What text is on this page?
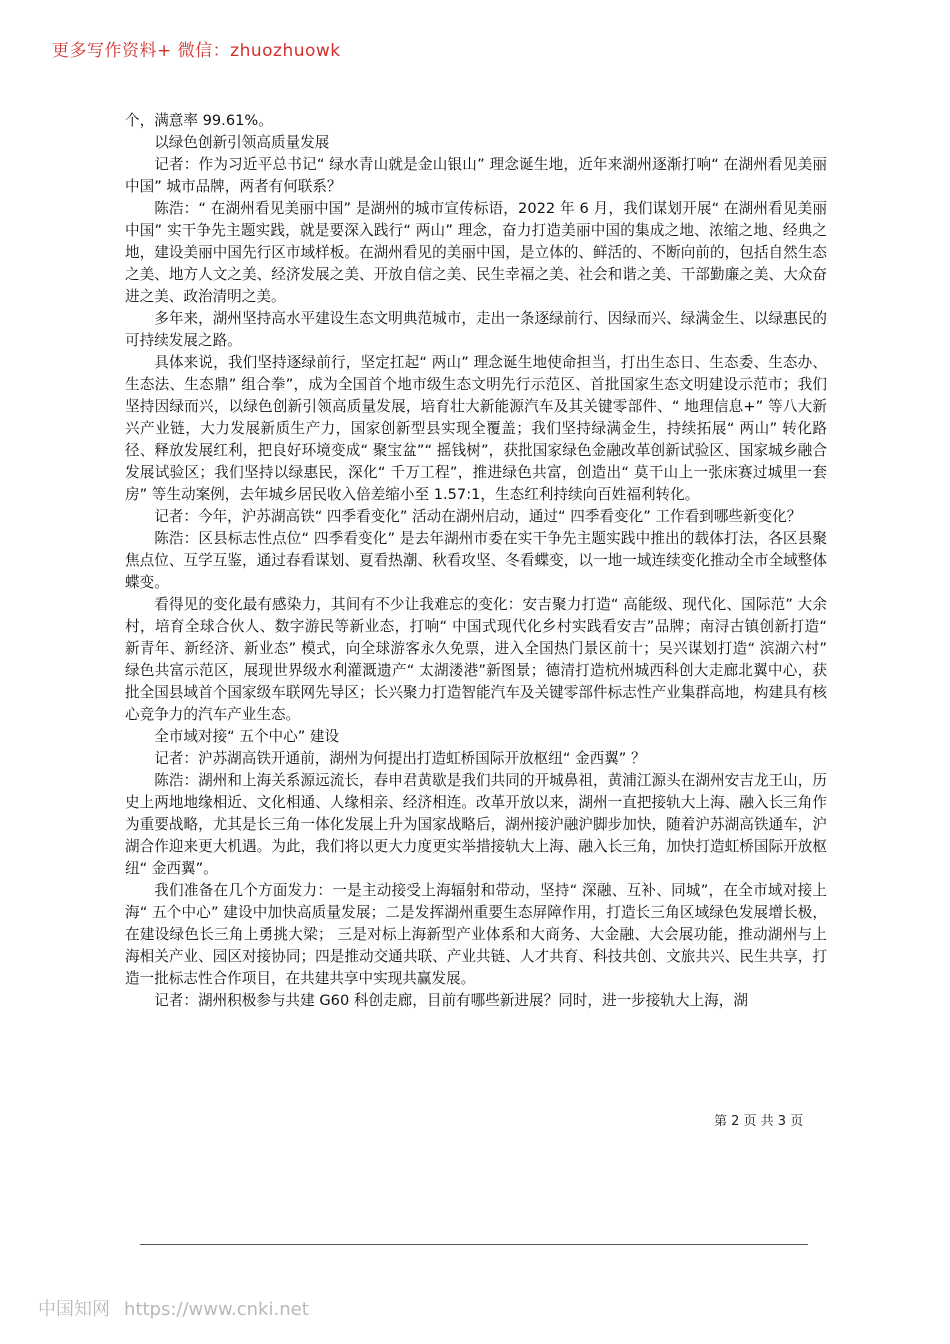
更多写作资料+ 微信：zhuozhuowk

个，满意率 99.61%。

以绿色创新引领高质量发展

记者：作为习近平总书记“ 绿水青山就是金山银山” 理念诞生地，近年来湖州逐渐打响“ 在湖州看见美丽中国” 城市品牌，两者有何联系？

陈浩：“ 在湖州看见美丽中国” 是湖州的城市宣传标语，2022 年 6 月，我们谋划开展“ 在湖州看见美丽中国” 实干争先主题实践，就是要深入践行“ 两山” 理念，奋力打造美丽中国的集成之地、浓缩之地、经典之地，建设美丽中国先行区市域样板。在湖州看见的美丽中国，是立体的、鲜活的、不断向前的，包括自然生态之美、地方人文之美、经济发展之美、开放自信之美、民生幸福之美、社会和谐之美、干部勤廉之美、大众奋进之美、政治清明之美。

多年来，湖州坚持高水平建设生态文明典范城市，走出一条逐绿前行、因绿而兴、绿满金生、以绿惠民的可持续发展之路。

具体来说，我们坚持逐绿前行，坚定扛起“ 两山” 理念诞生地使命担当，打出生态日、生态委、生态办、生态法、生态鼎” 组合拳”，成为全国首个地市级生态文明先行示范区、首批国家生态文明建设示范市；我们坚持因绿而兴，以绿色创新引领高质量发展，培育壮大新能源汽车及其关键零部件、“ 地理信息+” 等八大新兴产业链，大力发展新质生产力，国家创新型县实现全覆盖；我们坚持绿满金生，持续拓展“ 两山” 转化路径、释放发展红利，把良好环境变成“ 聚宝盆”“ 摇钱树”，获批国家绿色金融改革创新试验区、国家城乡融合发展试验区；我们坚持以绿惠民，深化“ 千万工程”，推进绿色共富，创造出“ 莫干山上一张床赛过城里一套房” 等生动案例，去年城乡居民收入倍差缩小至 1.57:1，生态红利持续向百姓福利转化。

记者：今年，沪苏湖高铁“ 四季看变化” 活动在湖州启动，通过“ 四季看变化” 工作看到哪些新变化？

陈浩：区县标志性点位“ 四季看变化” 是去年湖州市委在实干争先主题实践中推出的载体打法，各区县聚焦点位、互学互鉴，通过春看谋划、夏看热潮、秋看攻坚、冬看蝶变，以一地一域连续变化推动全市全域整体蝶变。

看得见的变化最有感染力，其间有不少让我难忘的变化：安吉聚力打造“ 高能级、现代化、国际范” 大余村，培育全球合伙人、数字游民等新业态，打响“ 中国式现代化乡村实践看安吉”品牌；南浔古镇创新打造“ 新青年、新经济、新业态” 模式，向全球游客永久免票，进入全国热门景区前十；吴兴谋划打造“ 滨湖六村” 绿色共富示范区，展现世界级水利灌溉遗产“ 太湖溇港”新图景；德清打造杭州城西科创大走廊北翼中心，获批全国县域首个国家级车联网先导区；长兴聚力打造智能汽车及关键零部件标志性产业集群高地，构建具有核心竞争力的汽车产业生态。

全市域对接“ 五个中心” 建设

记者：沪苏湖高铁开通前，湖州为何提出打造虹桥国际开放枢纽“ 金西翼” ？

陈浩：湖州和上海关系源远流长，春申君黄歇是我们共同的开城鼻祖，黄浦江源头在湖州安吉龙王山，历史上两地地缘相近、文化相通、人缘相亲、经济相连。改革开放以来，湖州一直把接轨大上海、融入长三角作为重要战略，尤其是长三角一体化发展上升为国家战略后，湖州接沪融沪脚步加快，随着沪苏湖高铁通车，沪湖合作迎来更大机遇。为此，我们将以更大力度更实举措接轨大上海、融入长三角，加快打造虹桥国际开放枢纽“ 金西翼”。

我们准备在几个方面发力：一是主动接受上海辐射和带动，坚持“ 深融、互补、同城”，在全市域对接上海“ 五个中心” 建设中加快高质量发展；二是发挥湖州重要生态屏障作用，打造长三角区域绿色发展增长极， 在建设绿色长三角上勇挑大梁； 三是对标上海新型产业体系和大商务、大金融、大会展功能，推动湖州与上海相关产业、园区对接协同；四是推动交通共联、产业共链、人才共育、科技共创、文旅共兴、民生共享，打造一批标志性合作项目，在共建共享中实现共赢发展。

记者：湖州积极参与共建 G60 科创走廊，目前有哪些新进展？同时，进一步接轨大上海，湖

第 2 页 共 3 页
中国知网 https://www.cnki.net
